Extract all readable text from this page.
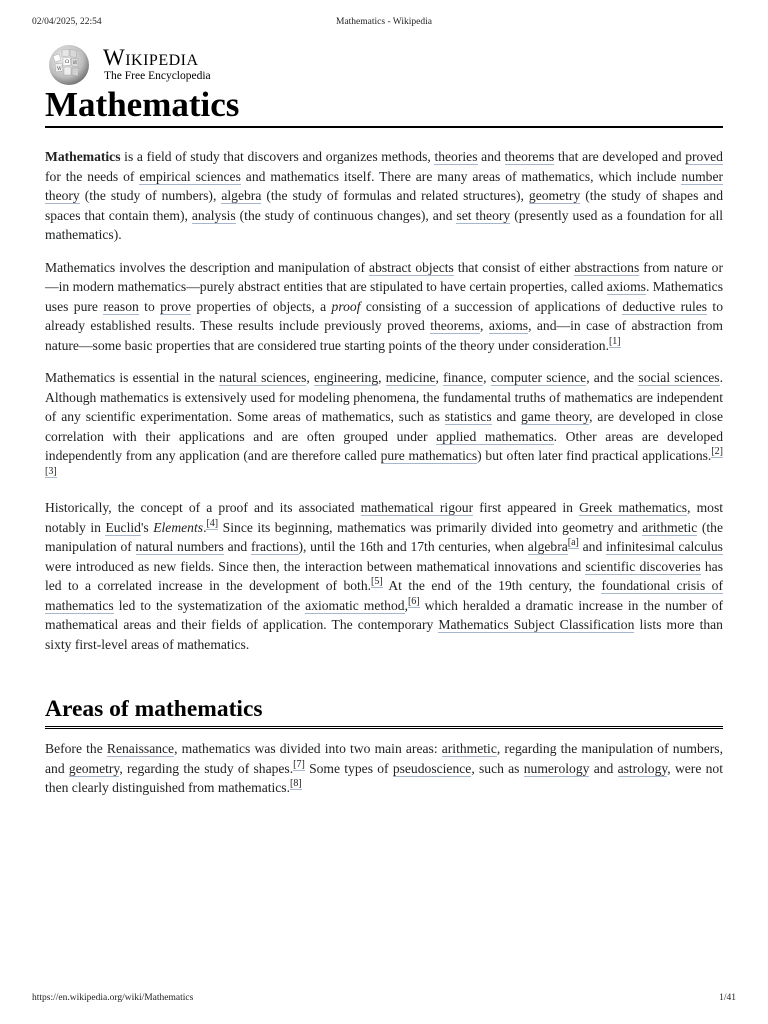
02/04/2025, 22:54	Mathematics - Wikipedia
Ω
W
И Wikipedia
The Free Encyclopedia
Mathematics

Mathematics is a field of study that discovers and organizes methods, theories and theorems that are developed and proved for the needs of empirical sciences and mathematics itself. There are many areas of mathematics, which include number theory (the study of numbers), algebra (the study of formulas and related structures), geometry (the study of shapes and spaces that contain them), analysis (the study of continuous changes), and set theory (presently used as a foundation for all mathematics).

Mathematics involves the description and manipulation of abstract objects that consist of either abstractions from nature or—in modern mathematics—purely abstract entities that are stipulated to have certain properties, called axioms. Mathematics uses pure reason to prove properties of objects, a proof consisting of a succession of applications of deductive rules to already established results. These results include previously proved theorems, axioms, and—in case of abstraction from nature—some basic properties that are considered true starting points of the theory under consideration.[1]

Mathematics is essential in the natural sciences, engineering, medicine, finance, computer science, and the social sciences. Although mathematics is extensively used for modeling phenomena, the fundamental truths of mathematics are independent of any scientific experimentation. Some areas of mathematics, such as statistics and game theory, are developed in close correlation with their applications and are often grouped under applied mathematics. Other areas are developed independently from any application (and are therefore called pure mathematics) but often later find practical applications.[2][3]

Historically, the concept of a proof and its associated mathematical rigour first appeared in Greek mathematics, most notably in Euclid's Elements.[4] Since its beginning, mathematics was primarily divided into geometry and arithmetic (the manipulation of natural numbers and fractions), until the 16th and 17th centuries, when algebra[a] and infinitesimal calculus were introduced as new fields. Since then, the interaction between mathematical innovations and scientific discoveries has led to a correlated increase in the development of both.[5] At the end of the 19th century, the foundational crisis of mathematics led to the systematization of the axiomatic method,[6] which heralded a dramatic increase in the number of mathematical areas and their fields of application. The contemporary Mathematics Subject Classification lists more than sixty first-level areas of mathematics.

Areas of mathematics

Before the Renaissance, mathematics was divided into two main areas: arithmetic, regarding the manipulation of numbers, and geometry, regarding the study of shapes.[7] Some types of pseudoscience, such as numerology and astrology, were not then clearly distinguished from mathematics.[8]

https://en.wikipedia.org/wiki/Mathematics	1/41
